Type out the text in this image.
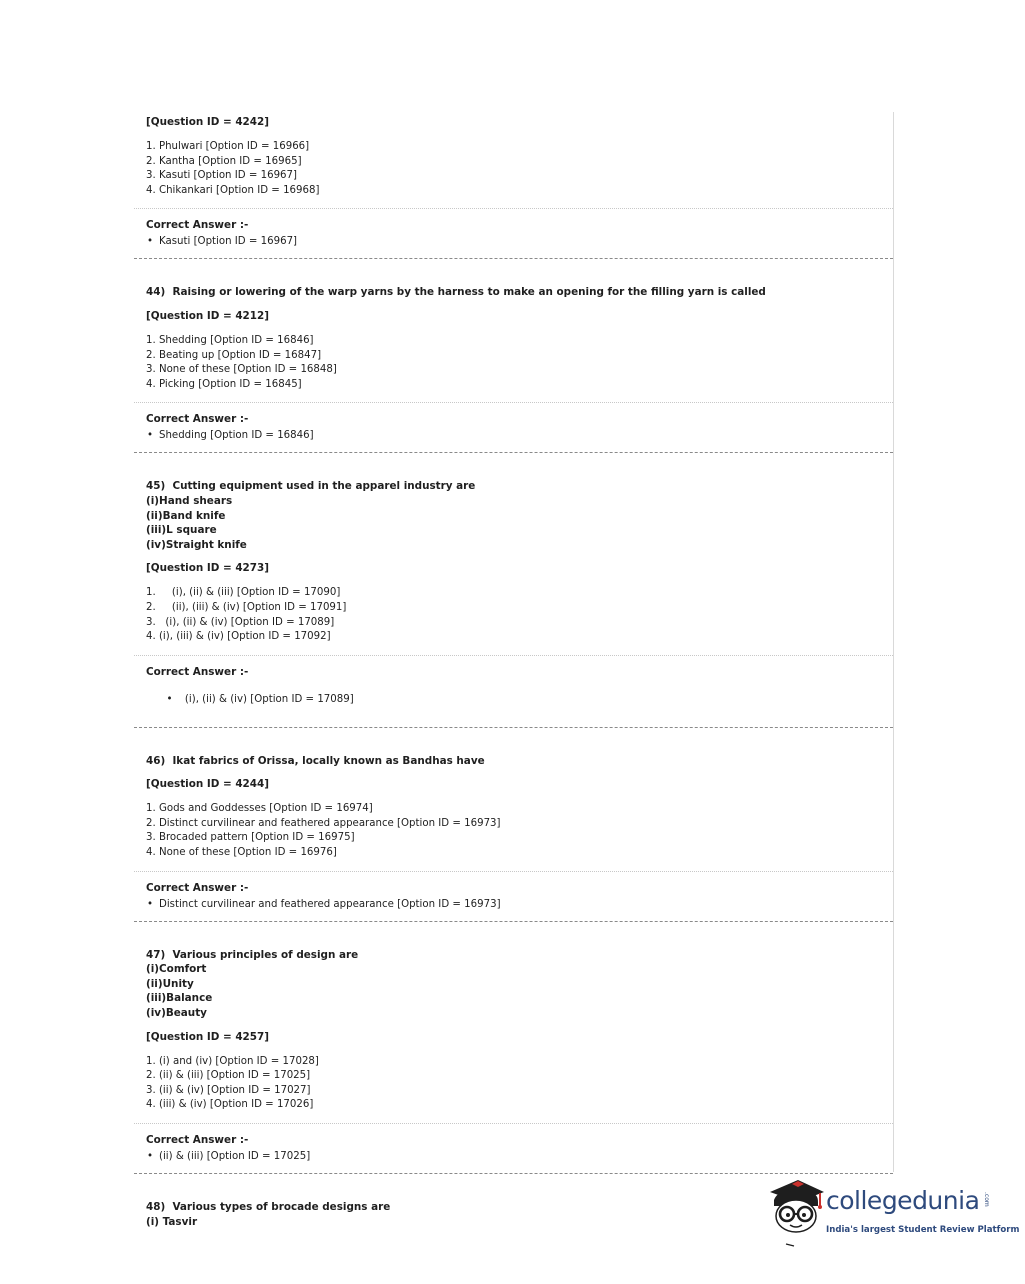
[Question ID = 4242]
1. Phulwari [Option ID = 16966]
2. Kantha [Option ID = 16965]
3. Kasuti [Option ID = 16967]
4. Chikankari [Option ID = 16968]
Correct Answer :-
• Kasuti [Option ID = 16967]
44)  Raising or lowering of the warp yarns by the harness to make an opening for the filling yarn is called
[Question ID = 4212]
1. Shedding [Option ID = 16846]
2. Beating up [Option ID = 16847]
3. None of these [Option ID = 16848]
4. Picking [Option ID = 16845]
Correct Answer :-
• Shedding [Option ID = 16846]
45)  Cutting equipment used in the apparel industry are
(i)Hand shears
(ii)Band knife
(iii)L square
(iv)Straight knife
[Question ID = 4273]
1.     (i), (ii) & (iii) [Option ID = 17090]
2.     (ii), (iii) & (iv) [Option ID = 17091]
3.   (i), (ii) & (iv) [Option ID = 17089]
4. (i), (iii) & (iv) [Option ID = 17092]
Correct Answer :-

•  (i), (ii) & (iv) [Option ID = 17089]

46)  Ikat fabrics of Orissa, locally known as Bandhas have
[Question ID = 4244]
1. Gods and Goddesses [Option ID = 16974]
2. Distinct curvilinear and feathered appearance [Option ID = 16973]
3. Brocaded pattern [Option ID = 16975]
4. None of these [Option ID = 16976]
Correct Answer :-
• Distinct curvilinear and feathered appearance [Option ID = 16973]
47)  Various principles of design are
(i)Comfort
(ii)Unity
(iii)Balance
(iv)Beauty
[Question ID = 4257]
1. (i) and (iv) [Option ID = 17028]
2. (ii) & (iii) [Option ID = 17025]
3. (ii) & (iv) [Option ID = 17027]
4. (iii) & (iv) [Option ID = 17026]
Correct Answer :-
• (ii) & (iii) [Option ID = 17025]
48)  Various types of brocade designs are
(i) Tasvir
collegedunia .com
India's largest Student Review Platform
